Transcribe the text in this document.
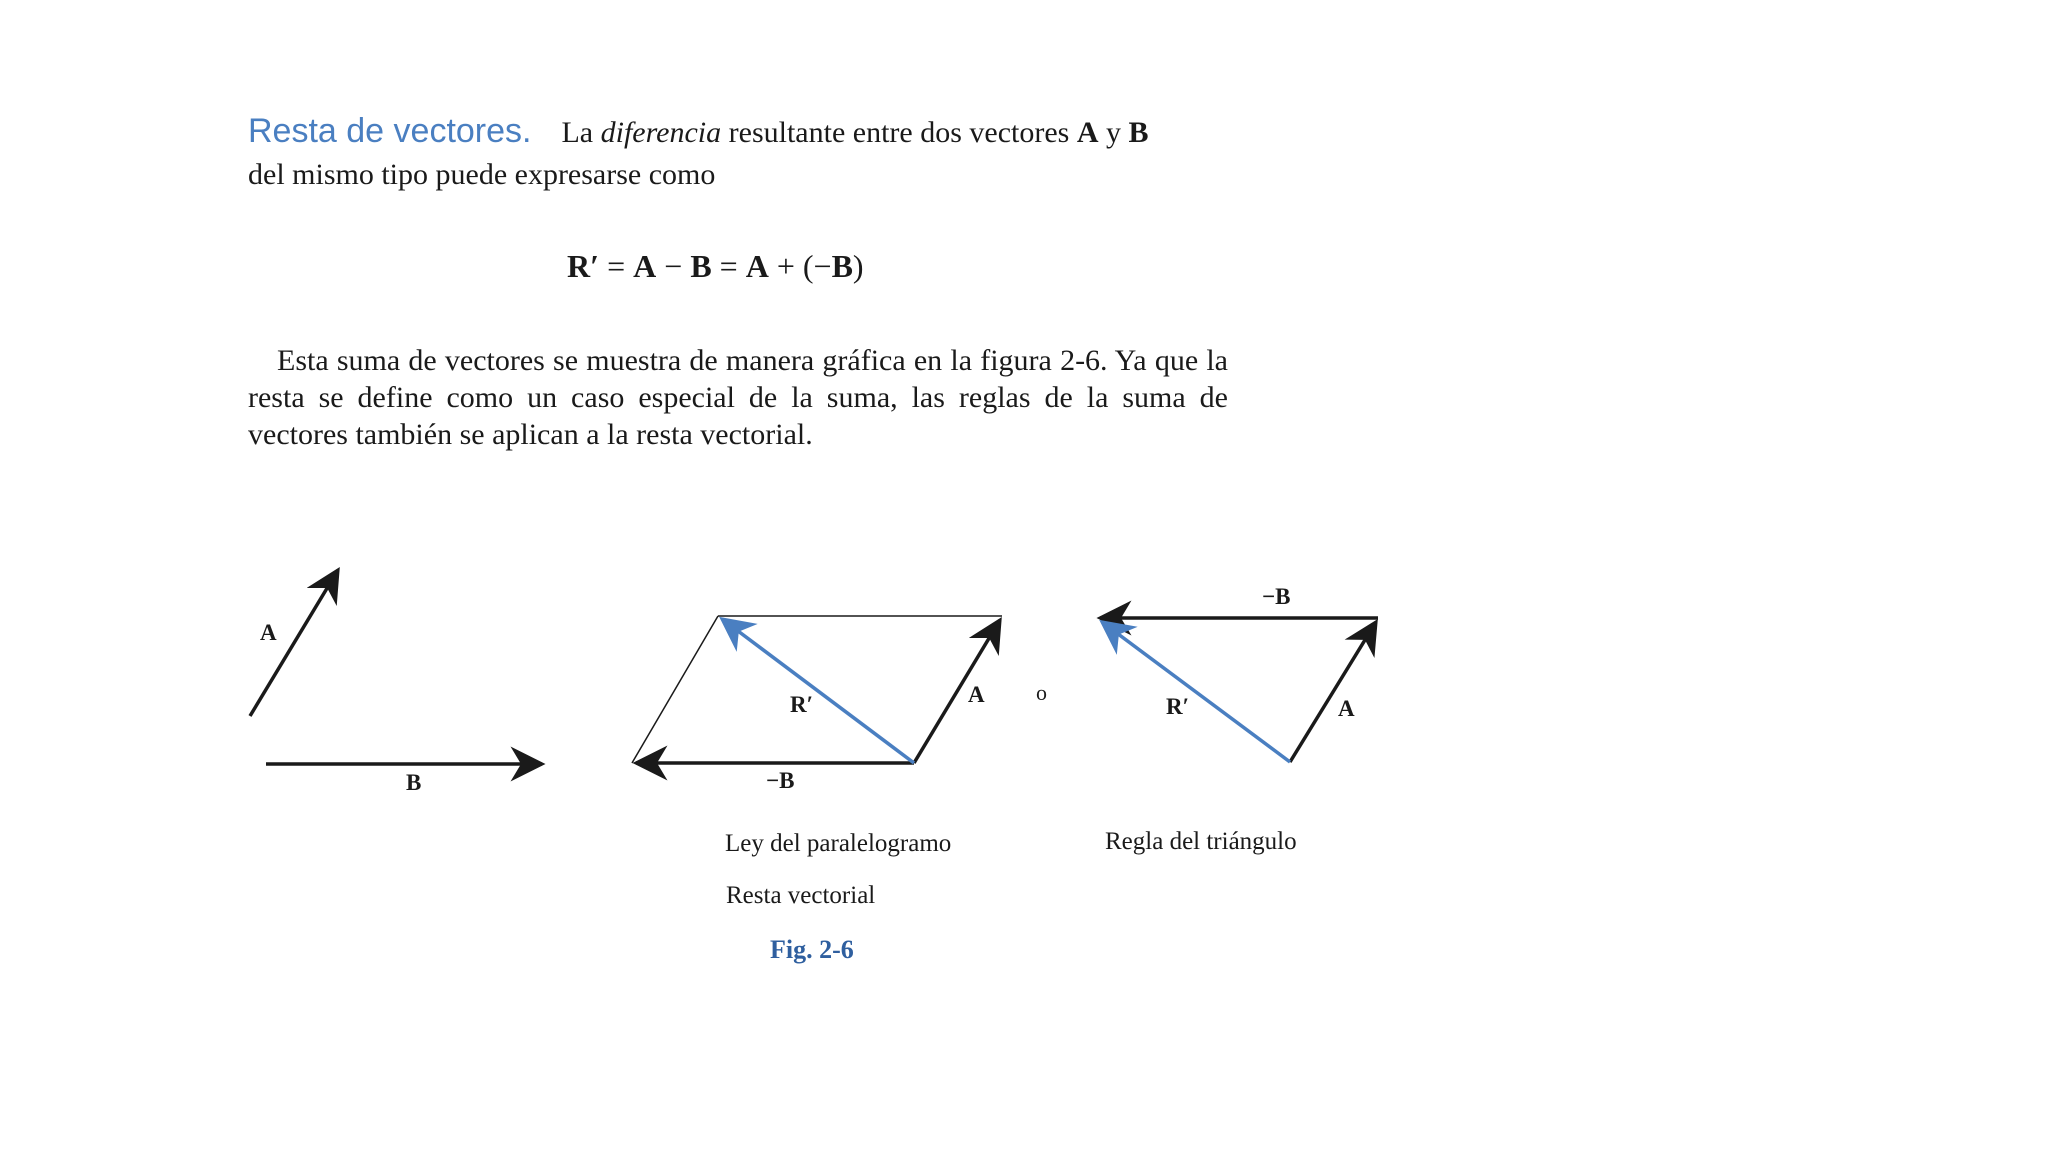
Resta de vectores. La diferencia resultante entre dos vectores A y B
del mismo tipo puede expresarse como
R′ = A − B = A + (−B)
Esta suma de vectores se muestra de manera gráfica en la figura 2-6. Ya que la resta se define como un caso especial de la suma, las reglas de la suma de vectores también se aplican a la resta vectorial.
A
B
R′	A
−B
o
−B
R′	A
Ley del paralelogramo	Regla del triángulo
Resta vectorial
Fig. 2-6
